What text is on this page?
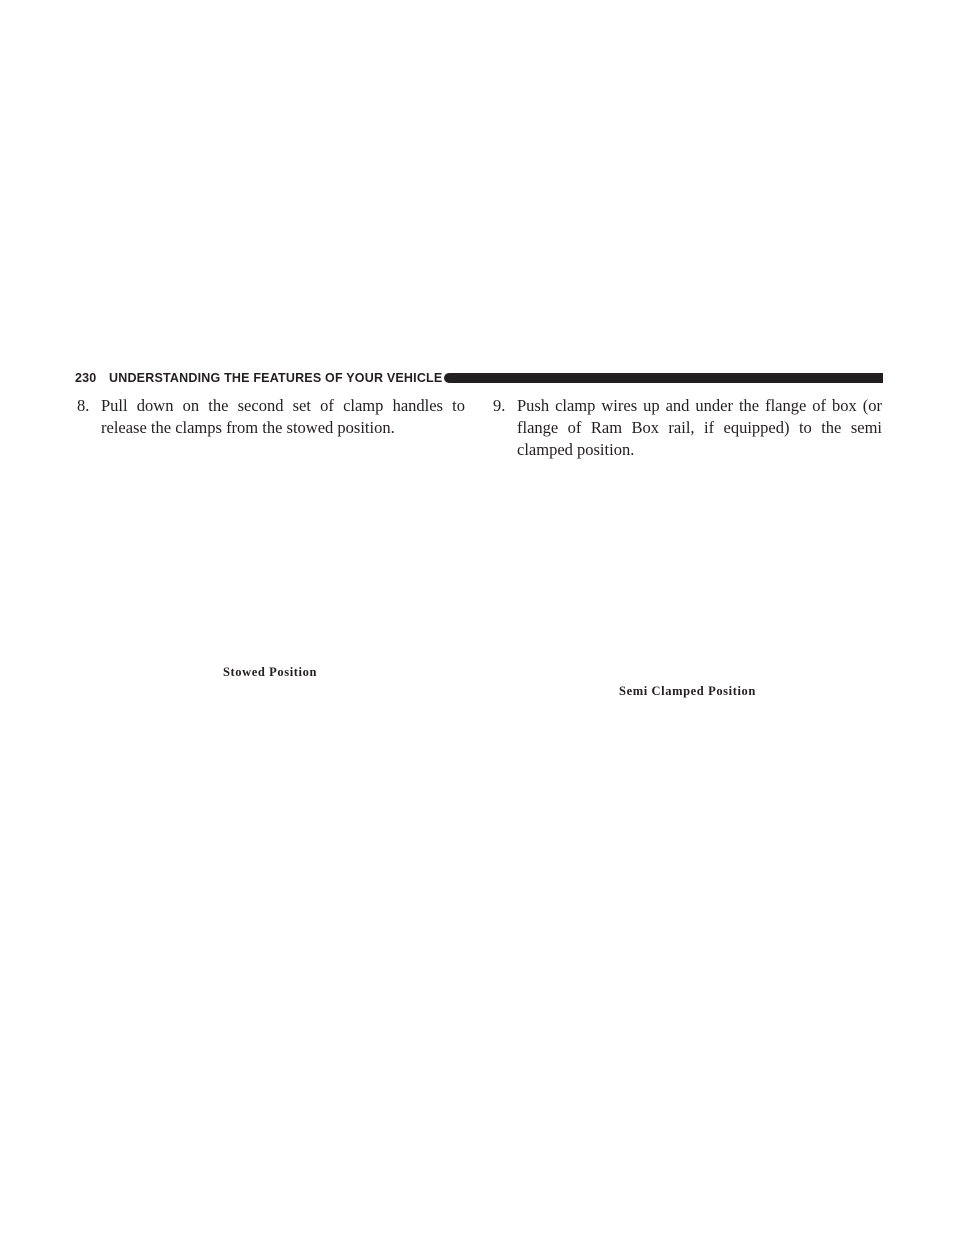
230 UNDERSTANDING THE FEATURES OF YOUR VEHICLE
8. Pull down on the second set of clamp handles to release the clamps from the stowed position.
Stowed Position
9. Push clamp wires up and under the flange of box (or flange of Ram Box rail, if equipped) to the semi clamped position.
Semi Clamped Position
